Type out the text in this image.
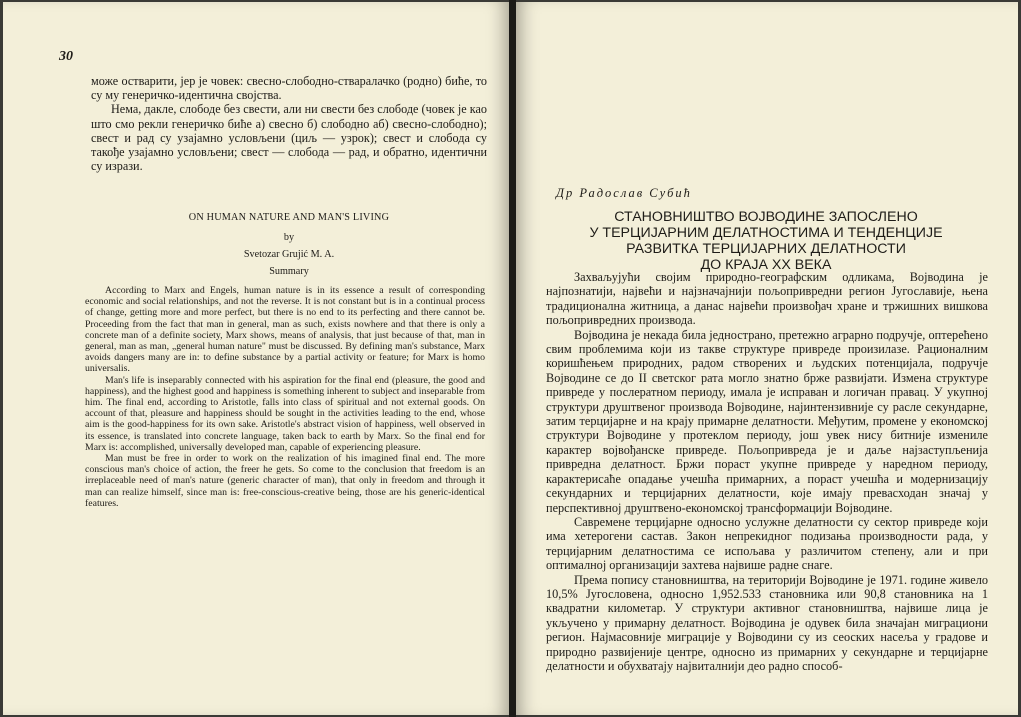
30

може остварити, јер је човек: свесно-слободно-стваралачко (родно) биће, то су му генеричко-идентична својства.

Нема, дакле, слободе без свести, али ни свести без слободе (човек је као што смо рекли генеричко биће а) свесно б) слободно аб) свесно-слободно); свест и рад су узајамно условљени (циљ — узрок); свест и слобода су такође узајамно условљени; свест — слобода — рад, и обратно, идентични су изрази.

ON HUMAN NATURE AND MAN'S LIVING
by
Svetozar Grujić M. A.
Summary

According to Marx and Engels, human nature is in its essence a result of corresponding economic and social relationships, and not the reverse. It is not constant but is in a continual process of change, getting more and more perfect, but there is no end to its perfecting and there cannot be. Proceeding from the fact that man in general, man as such, exists nowhere and that there is only a concrete man of a definite society, Marx shows, means of analysis, that just because of that, man in general, man as man, „general human nature" must be discussed. By defining man's substance, Marx avoids dangers many are in: to define substance by a partial activity or feature; for Marx is homo universalis.

Man's life is inseparably connected with his aspiration for the final end (pleasure, the good and happiness), and the highest good and happiness is something inherent to subject and inseparable from him. The final end, according to Aristotle, falls into class of spiritual and not external goods. On account of that, pleasure and happiness should be sought in the activities leading to the end, whose aim is the good-happiness for its own sake. Aristotle's abstract vision of happiness, well observed in its essence, is translated into concrete language, taken back to earth by Marx. So the final end for Marx is: accomplished, universally developed man, capable of experiencing pleasure.

Man must be free in order to work on the realization of his imagined final end. The more conscious man's choice of action, the freer he gets. So come to the conclusion that freedom is an irreplaceable need of man's nature (generic character of man), that only in freedom and through it man can realize himself, since man is: free-conscious-creative being, those are his generic-identical features.

Др Радослав Субић
СТАНОВНИШТВО ВОЈВОДИНЕ ЗАПОСЛЕНО
У ТЕРЦИЈАРНИМ ДЕЛАТНОСТИМА И ТЕНДЕНЦИЈЕ
РАЗВИТКА ТЕРЦИЈАРНИХ ДЕЛАТНОСТИ
ДО КРАЈА XX ВЕКА

Захваљујући својим природно-географским одликама, Војводина је најпознатији, највећи и најзначајнији пољопривредни регион Југославије, њена традиционална житница, а данас највећи произвођач хране и тржишних вишкова пољопривредних производа.

Војводина је некада била једнострано, претежно аграрно подручје, оптерећено свим проблемима који из такве структуре привреде произилазе. Рационалним коришћењем природних, радом створених и људских потенцијала, подручје Војводине се до II светског рата могло знатно брже развијати. Измена структуре привреде у послератном периоду, имала је исправан и логичан правац. У укупној структури друштвеног производа Војводине, најинтензивније су расле секундарне, затим терцијарне и на крају примарне делатности. Међутим, промене у економској структури Војводине у протеклом периоду, још увек нису битније измениле карактер војвођанске привреде. Пољопривреда је и даље најзаступљенија привредна делатност. Бржи пораст укупне привреде у наредном периоду, карактерисаће опадање учешћа примарних, а пораст учешћа и модернизацију секундарних и терцијарних делатности, које имају превасходан значај у перспективној друштвено-економској трансформацији Војводине.

Савремене терцијарне односно услужне делатности су сектор привреде који има хетерогени састав. Закон непрекидног подизања производности рада, у терцијарним делатностима се испољава у различитом степену, али и при оптималној организацији захтева највише радне снаге.

Према попису становништва, на територији Војводине је 1971. године живело 10,5% Југословена, односно 1,952.533 становника или 90,8 становника на 1 квадратни километар. У структури активног становништва, највише лица је укључено у примарну делатност. Војводина је одувек била значајан миграциони регион. Најмасовније миграције у Војводини су из сеоских насеља у градове и природно развијеније центре, односно из примарних у секундарне и терцијарне делатности и обухватају највиталнији део радно способ-
